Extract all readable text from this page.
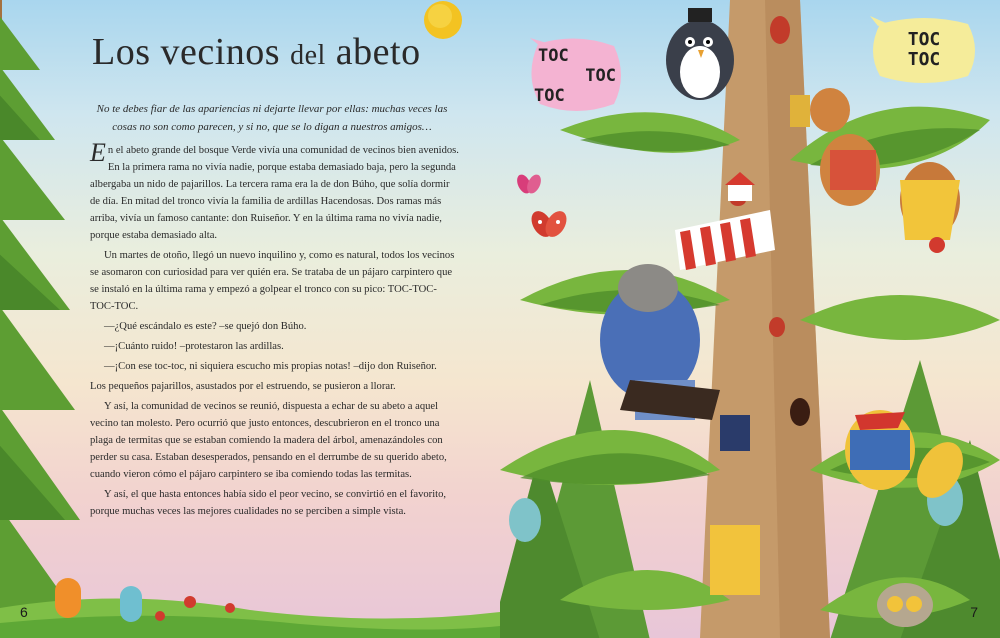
Los vecinos del abeto
No te debes fiar de las apariencias ni dejarte llevar por ellas: muchas veces las cosas no son como parecen, y si no, que se lo digan a nuestros amigos…

En el abeto grande del bosque Verde vivía una comunidad de vecinos bien avenidos. En la primera rama no vivía nadie, porque estaba demasiado baja, pero la segunda albergaba un nido de pajarillos. La tercera rama era la de don Búho, que solía dormir de día. En mitad del tronco vivía la familia de ardillas Hacendosas. Dos ramas más arriba, vivía un famoso cantante: don Ruiseñor. Y en la última rama no vivía nadie, porque estaba demasiado alta.

Un martes de otoño, llegó un nuevo inquilino y, como es natural, todos los vecinos se asomaron con curiosidad para ver quién era. Se trataba de un pájaro carpintero que se instaló en la última rama y empezó a golpear el tronco con su pico: TOC-TOC-TOC-TOC.

—¿Qué escándalo es este? –se quejó don Búho.

—¡Cuánto ruido! –protestaron las ardillas.

—¡Con ese toc-toc, ni siquiera escucho mis propias notas! –dijo don Ruiseñor.

Los pequeños pajarillos, asustados por el estruendo, se pusieron a llorar.

Y así, la comunidad de vecinos se reunió, dispuesta a echar de su abeto a aquel vecino tan molesto. Pero ocurrió que justo entonces, descubrieron en el tronco una plaga de termitas que se estaban comiendo la madera del árbol, amenazándoles con perder su casa. Estaban desesperados, pensando en el derrumbe de su querido abeto, cuando vieron cómo el pájaro carpintero se iba comiendo todas las termitas.

Y así, el que hasta entonces había sido el peor vecino, se convirtió en el favorito, porque muchas veces las mejores cualidades no se perciben a simple vista.

TOC
TOC
TOC
TOC
TOC
6	7
